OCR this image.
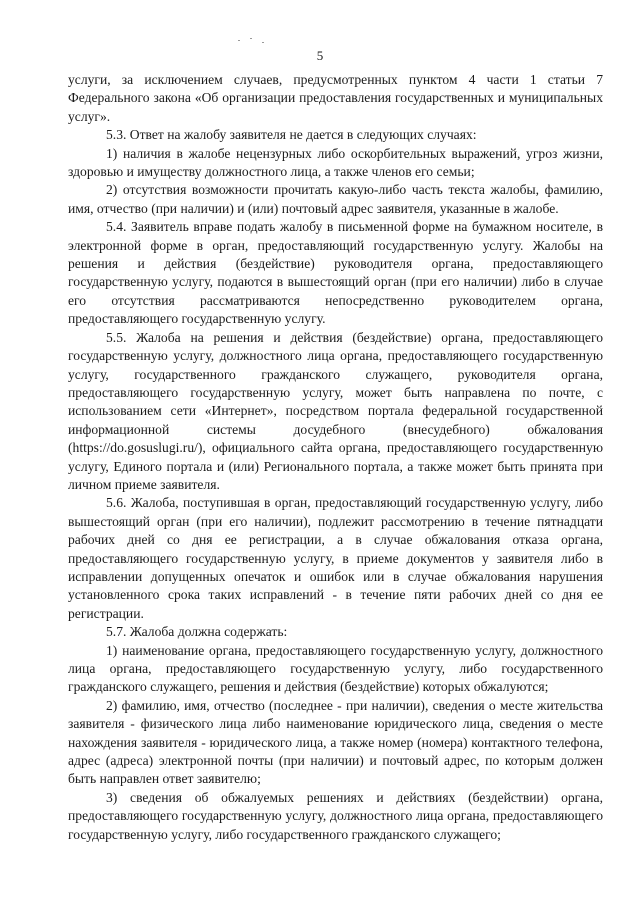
5

услуги, за исключением случаев, предусмотренных пунктом 4 части 1 статьи 7 Федерального закона «Об организации предоставления государственных и муниципальных услуг».

5.3. Ответ на жалобу заявителя не дается в следующих случаях:

1) наличия в жалобе нецензурных либо оскорбительных выражений, угроз жизни, здоровью и имуществу должностного лица, а также членов его семьи;

2) отсутствия возможности прочитать какую-либо часть текста жалобы, фамилию, имя, отчество (при наличии) и (или) почтовый адрес заявителя, указанные в жалобе.

5.4. Заявитель вправе подать жалобу в письменной форме на бумажном носителе, в электронной форме в орган, предоставляющий государственную услугу. Жалобы на решения и действия (бездействие) руководителя органа, предоставляющего государственную услугу, подаются в вышестоящий орган (при его наличии) либо в случае его отсутствия рассматриваются непосредственно руководителем органа, предоставляющего государственную услугу.

5.5. Жалоба на решения и действия (бездействие) органа, предоставляющего государственную услугу, должностного лица органа, предоставляющего государственную услугу, государственного гражданского служащего, руководителя органа, предоставляющего государственную услугу, может быть направлена по почте, с использованием сети «Интернет», посредством портала федеральной государственной информационной системы досудебного (внесудебного) обжалования (https://do.gosuslugi.ru/), официального сайта органа, предоставляющего государственную услугу, Единого портала и (или) Регионального портала, а также может быть принята при личном приеме заявителя.

5.6. Жалоба, поступившая в орган, предоставляющий государственную услугу, либо вышестоящий орган (при его наличии), подлежит рассмотрению в течение пятнадцати рабочих дней со дня ее регистрации, а в случае обжалования отказа органа, предоставляющего государственную услугу, в приеме документов у заявителя либо в исправлении допущенных опечаток и ошибок или в случае обжалования нарушения установленного срока таких исправлений - в течение пяти рабочих дней со дня ее регистрации.

5.7. Жалоба должна содержать:

1) наименование органа, предоставляющего государственную услугу, должностного лица органа, предоставляющего государственную услугу, либо государственного гражданского служащего, решения и действия (бездействие) которых обжалуются;

2) фамилию, имя, отчество (последнее - при наличии), сведения о месте жительства заявителя - физического лица либо наименование юридического лица, сведения о месте нахождения заявителя - юридического лица, а также номер (номера) контактного телефона, адрес (адреса) электронной почты (при наличии) и почтовый адрес, по которым должен быть направлен ответ заявителю;

3) сведения об обжалуемых решениях и действиях (бездействии) органа, предоставляющего государственную услугу, должностного лица органа, предоставляющего государственную услугу, либо государственного гражданского служащего;
